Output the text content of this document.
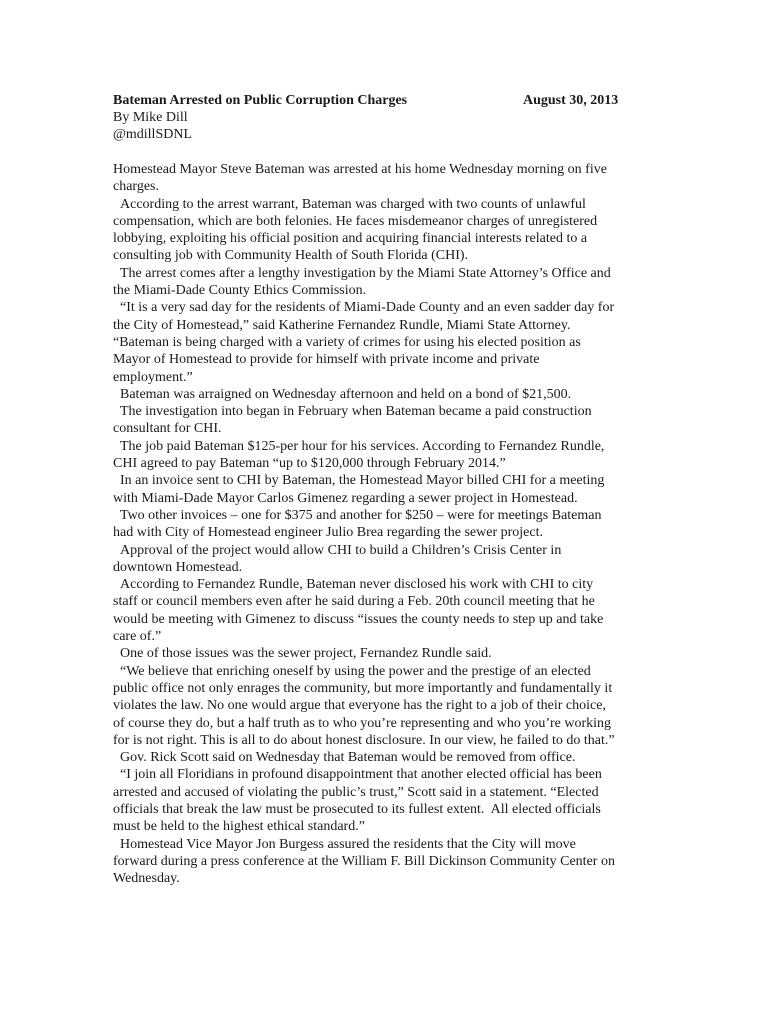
Bateman Arrested on Public Corruption Charges	August 30, 2013
By Mike Dill
@mdillSDNL

Homestead Mayor Steve Bateman was arrested at his home Wednesday morning on five
charges.

According to the arrest warrant, Bateman was charged with two counts of unlawful
compensation, which are both felonies. He faces misdemeanor charges of unregistered
lobbying, exploiting his official position and acquiring financial interests related to a
consulting job with Community Health of South Florida (CHI).

The arrest comes after a lengthy investigation by the Miami State Attorney’s Office and
the Miami-Dade County Ethics Commission.

“It is a very sad day for the residents of Miami-Dade County and an even sadder day for
the City of Homestead,” said Katherine Fernandez Rundle, Miami State Attorney.
“Bateman is being charged with a variety of crimes for using his elected position as
Mayor of Homestead to provide for himself with private income and private
employment.”

Bateman was arraigned on Wednesday afternoon and held on a bond of $21,500.

The investigation into began in February when Bateman became a paid construction
consultant for CHI.

The job paid Bateman $125-per hour for his services. According to Fernandez Rundle,
CHI agreed to pay Bateman “up to $120,000 through February 2014.”

In an invoice sent to CHI by Bateman, the Homestead Mayor billed CHI for a meeting
with Miami-Dade Mayor Carlos Gimenez regarding a sewer project in Homestead.

Two other invoices – one for $375 and another for $250 – were for meetings Bateman
had with City of Homestead engineer Julio Brea regarding the sewer project.

Approval of the project would allow CHI to build a Children’s Crisis Center in
downtown Homestead.

According to Fernandez Rundle, Bateman never disclosed his work with CHI to city
staff or council members even after he said during a Feb. 20th council meeting that he
would be meeting with Gimenez to discuss “issues the county needs to step up and take
care of.”

One of those issues was the sewer project, Fernandez Rundle said.

“We believe that enriching oneself by using the power and the prestige of an elected
public office not only enrages the community, but more importantly and fundamentally it
violates the law. No one would argue that everyone has the right to a job of their choice,
of course they do, but a half truth as to who you’re representing and who you’re working
for is not right. This is all to do about honest disclosure. In our view, he failed to do that.”

Gov. Rick Scott said on Wednesday that Bateman would be removed from office.

“I join all Floridians in profound disappointment that another elected official has been
arrested and accused of violating the public’s trust,” Scott said in a statement. “Elected
officials that break the law must be prosecuted to its fullest extent.  All elected officials
must be held to the highest ethical standard.”

Homestead Vice Mayor Jon Burgess assured the residents that the City will move
forward during a press conference at the William F. Bill Dickinson Community Center on
Wednesday.
